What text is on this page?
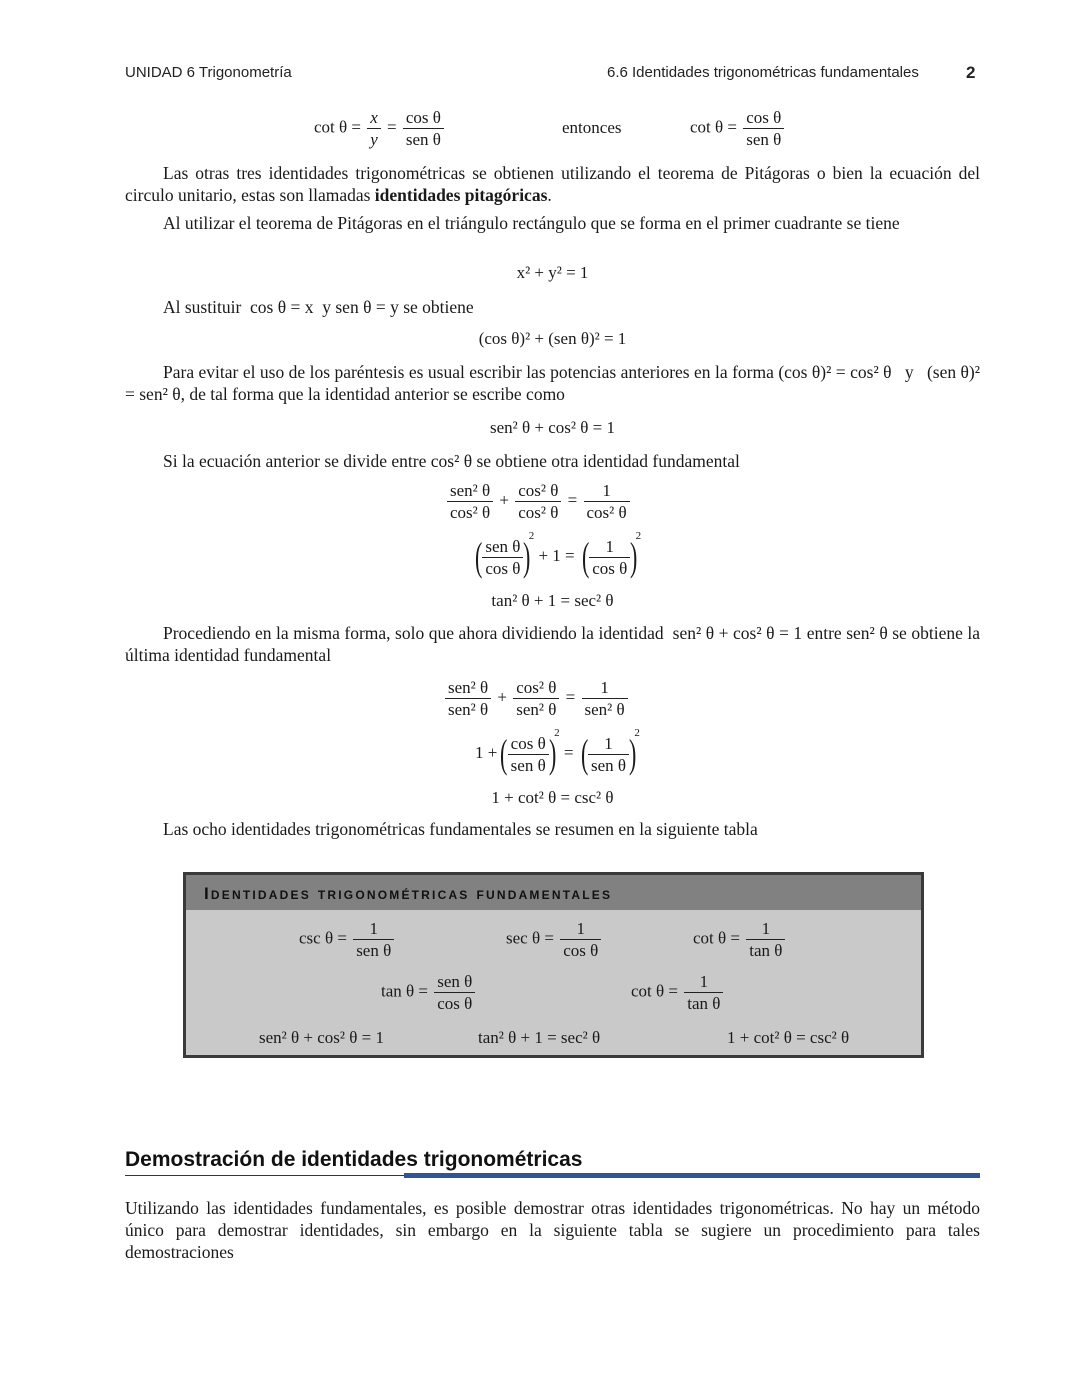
UNIDAD 6 Trigonometría	6.6 Identidades trigonométricas fundamentales	2
$\cot \theta = \frac{x}{y} = \frac{\text{cos θ}}{\text{sen θ}}$	entonces	$\cot \theta = \frac{\text{cos θ}}{\text{sen θ}}$
Las otras tres identidades trigonométricas se obtienen utilizando el teorema de Pitágoras o bien la ecuación del circulo unitario, estas son llamadas identidades pitagóricas.
Al utilizar el teorema de Pitágoras en el triángulo rectángulo que se forma en el primer cuadrante se tiene
x² + y² = 1
Al sustituir cos θ = x y sen θ = y se obtiene
(cos θ)² + (sen θ)² = 1
Para evitar el uso de los paréntesis es usual escribir las potencias anteriores en la forma (cos θ)² = cos² θ y (sen θ)² = sen² θ, de tal forma que la identidad anterior se escribe como
sen² θ + cos² θ = 1
Si la ecuación anterior se divide entre cos² θ se obtiene otra identidad fundamental
$\frac{\text{sen² θ}}{\text{cos² θ}} + \frac{\text{cos² θ}}{\text{cos² θ}} = \frac{1}{\text{cos² θ}}$
( $\frac{\text{sen θ}}{\text{cos θ}} )^2 + 1$ = ( $\frac{1}{\text{cos θ}} )^2$
tan² θ + 1 = sec² θ
Procediendo en la misma forma, solo que ahora dividiendo la identidad sen² θ + cos² θ = 1 entre sen² θ se obtiene la última identidad fundamental
$\frac{\text{sen² θ}}{\text{sen² θ}} + \frac{\text{cos² θ}}{\text{sen² θ}} = \frac{1}{\text{sen² θ}}$
1 +( $\frac{\text{cos θ}}{\text{sen θ}} )^2$ = ( $\frac{1}{\text{sen θ}} )^2$
1 + cot² θ = csc² θ
Las ocho identidades trigonométricas fundamentales se resumen en la siguiente tabla
Identidades trigonométricas fundamentales
$\csc \theta = \frac{1}{\text{sen θ}}$	$\sec \theta = \frac{1}{\text{cos θ}}$	$\cot \theta = \frac{1}{\text{tan θ}}$
$\tan \theta = \frac{\text{sen θ}}{\text{cos θ}}$	$\cot \theta = \frac{1}{\text{tan θ}}$
sen² θ + cos² θ = 1	tan² θ + 1 = sec² θ	1 + cot² θ = csc² θ
Demostración de identidades trigonométricas
Utilizando las identidades fundamentales, es posible demostrar otras identidades trigonométricas. No hay un método único para demostrar identidades, sin embargo en la siguiente tabla se sugiere un procedimiento para tales demostraciones
